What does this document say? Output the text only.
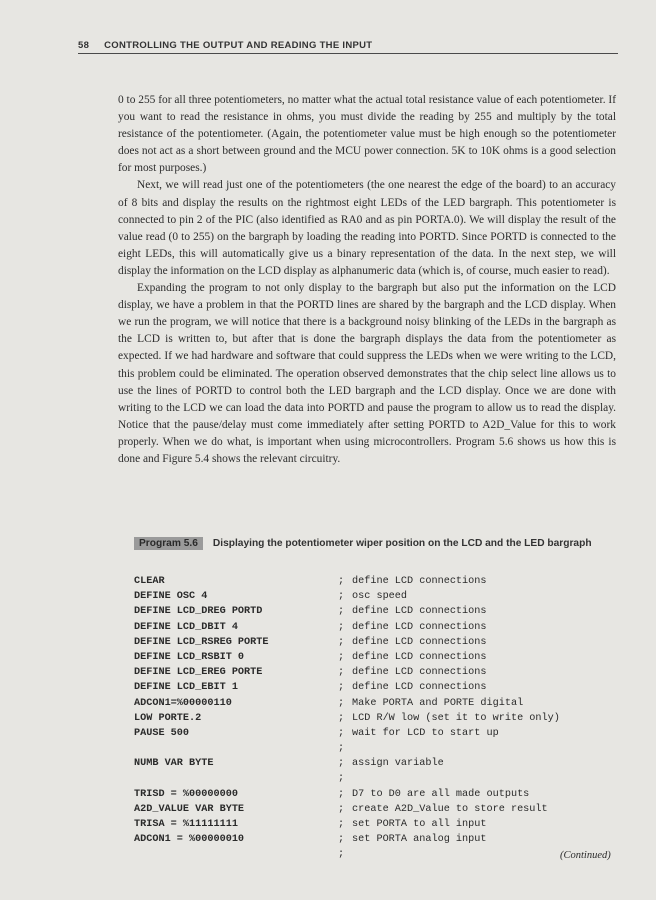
58 CONTROLLING THE OUTPUT AND READING THE INPUT

0 to 255 for all three potentiometers, no matter what the actual total resistance value of each potentiometer. If you want to read the resistance in ohms, you must divide the reading by 255 and multiply by the total resistance of the potentiometer. (Again, the potentiometer value must be high enough so the potentiometer does not act as a short between ground and the MCU power connection. 5K to 10K ohms is a good selection for most purposes.)

Next, we will read just one of the potentiometers (the one nearest the edge of the board) to an accuracy of 8 bits and display the results on the rightmost eight LEDs of the LED bargraph. This potentiometer is connected to pin 2 of the PIC (also identified as RA0 and as pin PORTA.0). We will display the result of the value read (0 to 255) on the bargraph by loading the reading into PORTD. Since PORTD is connected to the eight LEDs, this will automatically give us a binary representation of the data. In the next step, we will display the information on the LCD display as alphanumeric data (which is, of course, much easier to read).

Expanding the program to not only display to the bargraph but also put the information on the LCD display, we have a problem in that the PORTD lines are shared by the bargraph and the LCD display. When we run the program, we will notice that there is a background noisy blinking of the LEDs in the bargraph as the LCD is written to, but after that is done the bargraph displays the data from the potentiometer as expected. If we had hardware and software that could suppress the LEDs when we were writing to the LCD, this problem could be eliminated. The operation observed demonstrates that the chip select line allows us to use the lines of PORTD to control both the LED bargraph and the LCD display. Once we are done with writing to the LCD we can load the data into PORTD and pause the program to allow us to read the display. Notice that the pause/delay must come immediately after setting PORTD to A2D_Value for this to work properly. When we do what, is important when using microcontrollers. Program 5.6 shows us how this is done and Figure 5.4 shows the relevant circuitry.

Program 5.6 Displaying the potentiometer wiper position on the LCD and the LED bargraph
CLEAR	; define LCD connections
DEFINE OSC 4	; osc speed
DEFINE LCD_DREG PORTD	; define LCD connections
DEFINE LCD_DBIT 4	; define LCD connections
DEFINE LCD_RSREG PORTE	; define LCD connections
DEFINE LCD_RSBIT 0	; define LCD connections
DEFINE LCD_EREG PORTE	; define LCD connections
DEFINE LCD_EBIT 1	; define LCD connections
ADCON1=%00000110	; Make PORTA and PORTE digital
LOW PORTE.2	; LCD R/W low (set it to write only)
PAUSE 500	; wait for LCD to start up
;
NUMB VAR BYTE	; assign variable
;
TRISD = %00000000	; D7 to D0 are all made outputs
A2D_VALUE VAR BYTE	; create A2D_Value to store result
TRISA = %11111111	; set PORTA to all input
ADCON1 = %00000010	; set PORTA analog input
;	(Continued)
